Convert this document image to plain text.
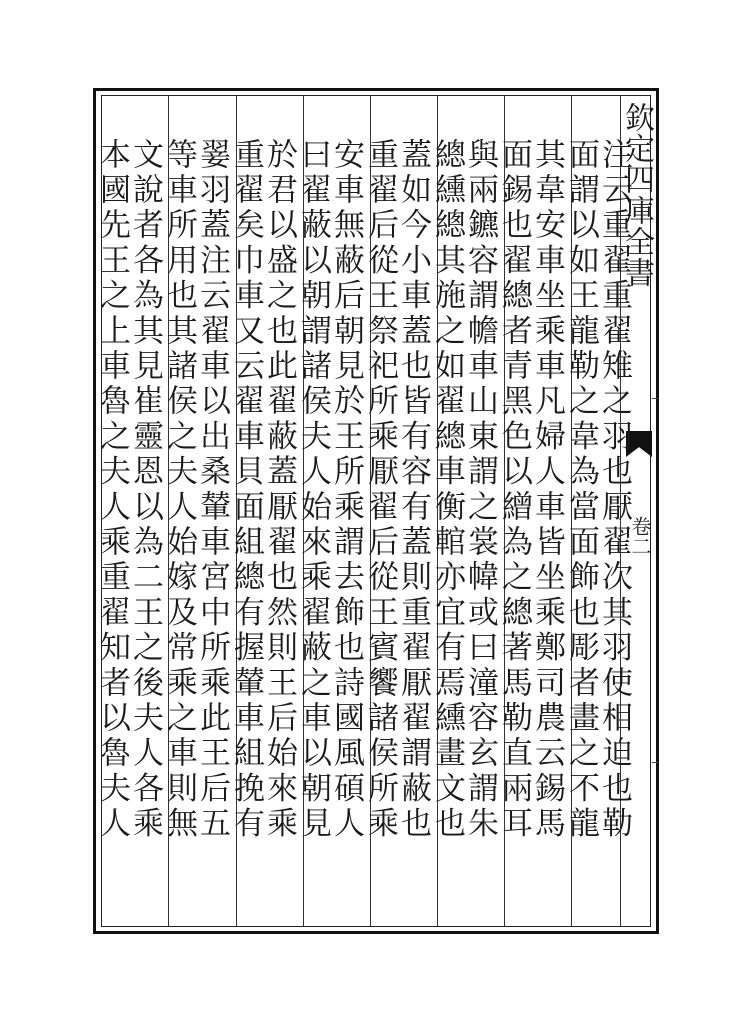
欽定四庫全書
卷二
注云重翟重翟雉之羽也厭翟次其羽使相迫也勒
面謂以如王龍勒之韋為當面飾也彫者畫之不龍
其韋安車坐乘車凡婦人車皆坐乘鄭司農云錫馬
面錫也翟總者青黑色以繒為之總著馬勒直兩耳
與兩鑣容謂幨車山東謂之裳幃或曰潼容玄謂朱
總纁總其施之如翟總車衡輨亦宜有焉纁畫文也
蓋如今小車蓋也皆有容有蓋則重翟厭翟謂蔽也
重翟后從王祭祀所乘厭翟后從王賓饗諸侯所乘
安車無蔽后朝見於王所乘謂去飾也詩國風碩人
曰翟蔽以朝謂諸侯夫人始來乘翟蔽之車以朝見
於君以盛之也此翟蔽蓋厭翟也然則王后始來乘
重翟矣巾車又云翟車貝面組總有握輦車組挽有
翣羽蓋注云翟車以出桑輦車宮中所乘此王后五
等車所用也其諸侯之夫人始嫁及常乘之車則無
文說者各為其見崔靈恩以為二王之後夫人各乘
本國先王之上車魯之夫人乘重翟知者以魯夫人
